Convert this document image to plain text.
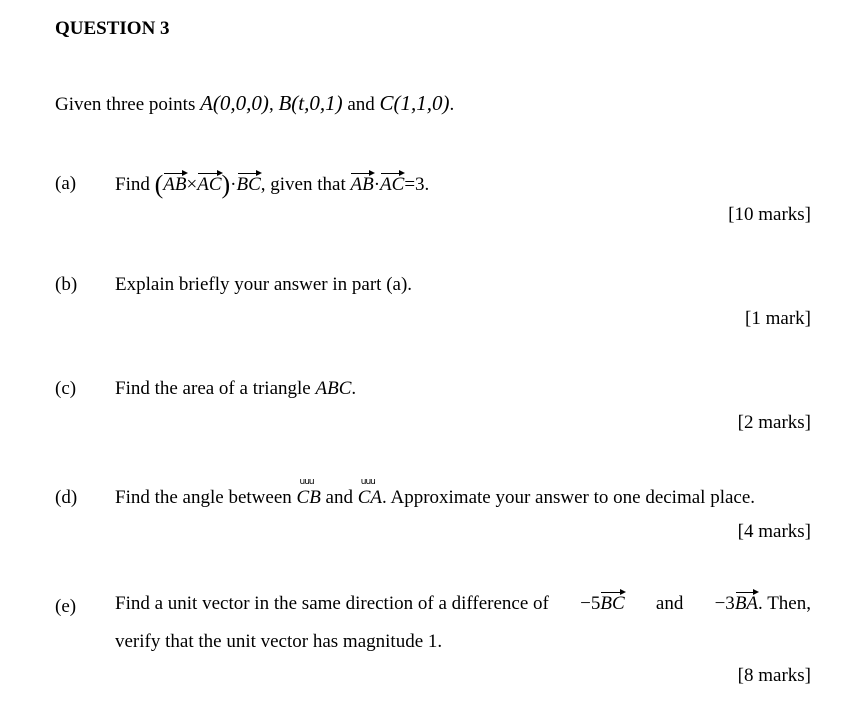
QUESTION 3
Given three points A(0,0,0), B(t,0,1) and C(1,1,0).
(a) Find (AB×AC)·BC, given that AB·AC=3.
[10 marks]
(b) Explain briefly your answer in part (a).
[1 mark]
(c) Find the area of a triangle ABC.
[2 marks]
(d) Find the angle between
uuu
CB and
uuu
CA. Approximate your answer to one decimal place.
[4 marks]
(e) Find a unit vector in the same direction of a difference of −5BC and −3BA. Then,
verify that the unit vector has magnitude 1.
[8 marks]
